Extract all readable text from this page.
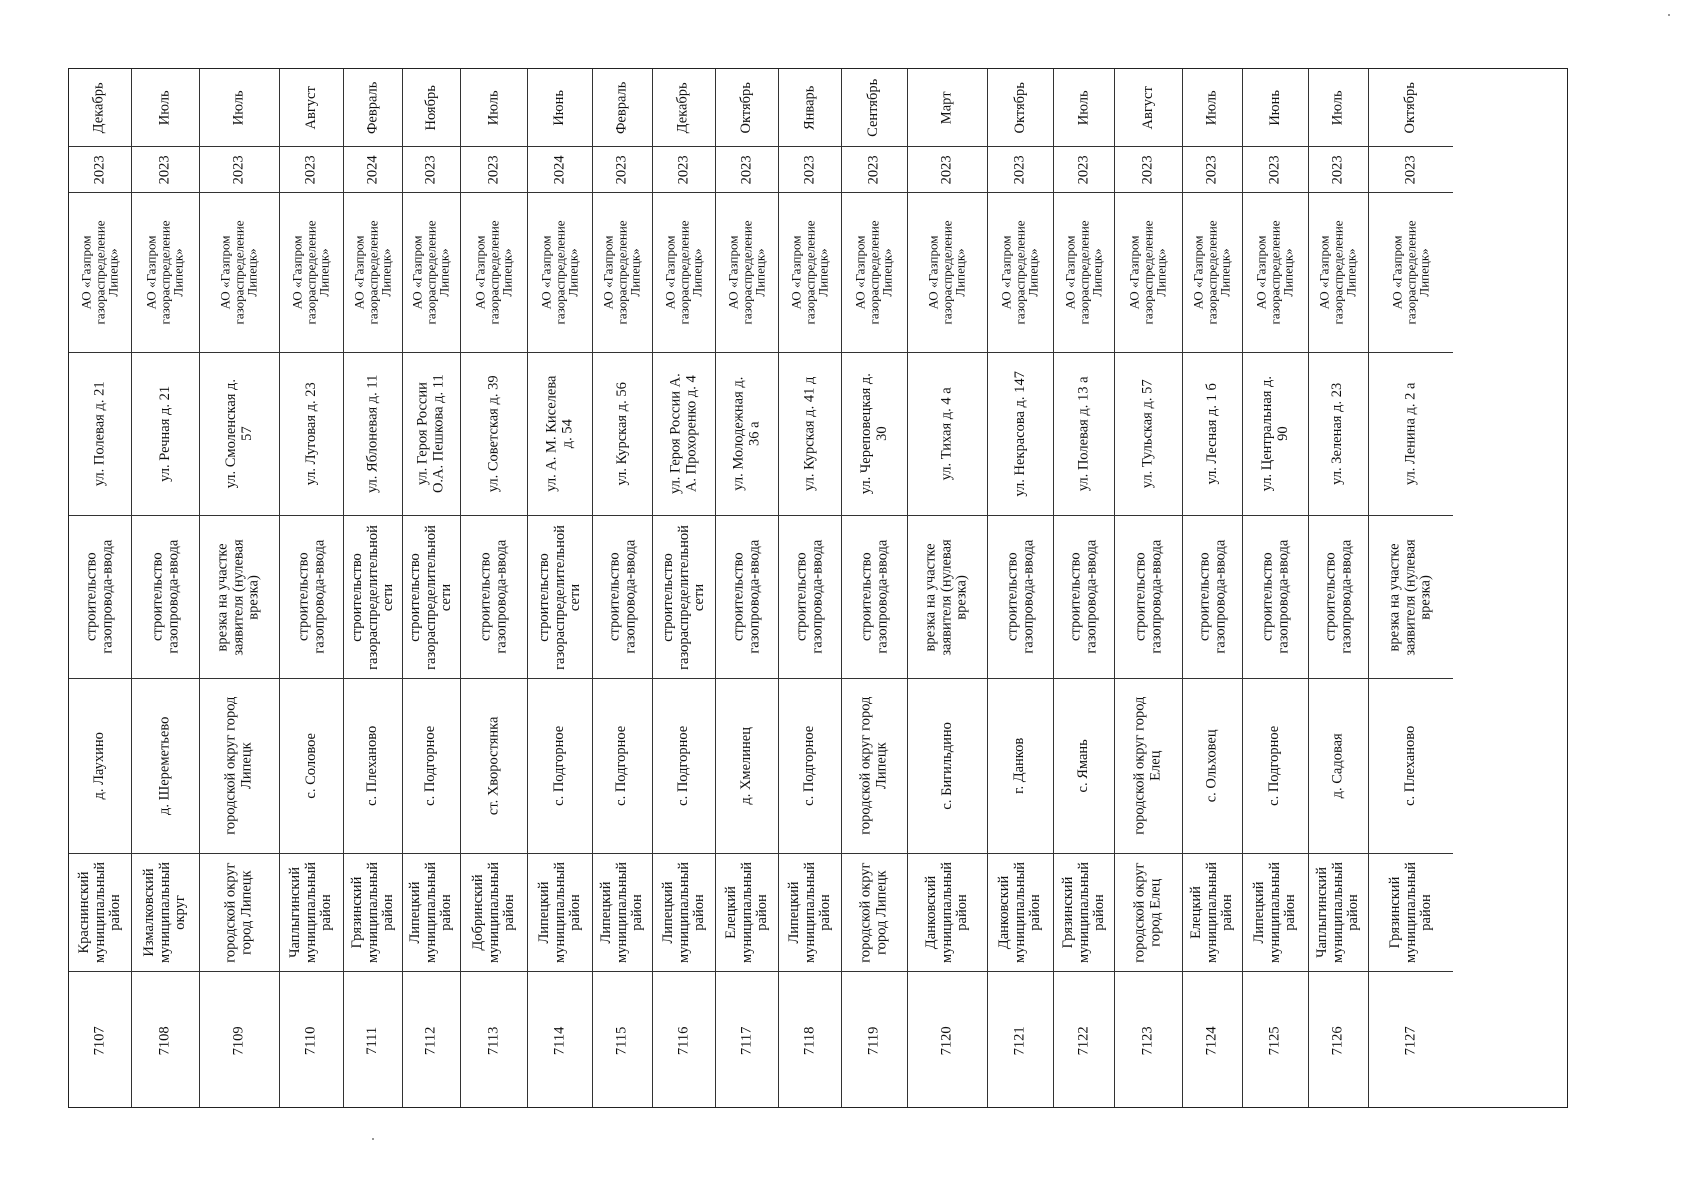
Декабрь
2023
АО «Газпром
газораспределение
Липецк»
ул. Полевая д. 21
строительство
газопровода-ввода
д. Лаухино
Краснинский
муниципальный
район
7107
Июль
2023
АО «Газпром
газораспределение
Липецк»
ул. Речная д. 21
строительство
газопровода-ввода
д. Шереметьево
Измалковский
муниципальный
округ
7108
Июль
2023
АО «Газпром
газораспределение
Липецк»
ул. Смоленская д.
57
врезка на участке
заявителя (нулевая
врезка)
городской округ город
Липецк
городской округ
город Липецк
7109
Август
2023
АО «Газпром
газораспределение
Липецк»
ул. Луговая д. 23
строительство
газопровода-ввода
с. Соловое
Чаплыгинский
муниципальный
район
7110
Февраль
2024
АО «Газпром
газораспределение
Липецк»
ул. Яблоневая д. 11
строительство
газораспределительной
сети
с. Плеханово
Грязинский
муниципальный
район
7111
Ноябрь
2023
АО «Газпром
газораспределение
Липецк»
ул. Героя России
О.А. Пешкова д. 11
строительство
газораспределительной
сети
с. Подгорное
Липецкий
муниципальный
район
7112
Июль
2023
АО «Газпром
газораспределение
Липецк»
ул. Советская д. 39
строительство
газопровода-ввода
ст. Хворостянка
Добринский
муниципальный
район
7113
Июнь
2024
АО «Газпром
газораспределение
Липецк»
ул. А. М. Киселева
д. 54
строительство
газораспределительной
сети
с. Подгорное
Липецкий
муниципальный
район
7114
Февраль
2023
АО «Газпром
газораспределение
Липецк»
ул. Курская д. 56
строительство
газопровода-ввода
с. Подгорное
Липецкий
муниципальный
район
7115
Декабрь
2023
АО «Газпром
газораспределение
Липецк»
ул. Героя России А.
А. Прохоренко д. 4
строительство
газораспределительной
сети
с. Подгорное
Липецкий
муниципальный
район
7116
Октябрь
2023
АО «Газпром
газораспределение
Липецк»
ул. Молодежная д.
36 а
строительство
газопровода-ввода
д. Хмелинец
Елецкий
муниципальный
район
7117
Январь
2023
АО «Газпром
газораспределение
Липецк»
ул. Курская д. 41 д
строительство
газопровода-ввода
с. Подгорное
Липецкий
муниципальный
район
7118
Сентябрь
2023
АО «Газпром
газораспределение
Липецк»
ул. Череповецкая д.
30
строительство
газопровода-ввода
городской округ город
Липецк
городской округ
город Липецк
7119
Март
2023
АО «Газпром
газораспределение
Липецк»
ул. Тихая д. 4 а
врезка на участке
заявителя (нулевая
врезка)
с. Бигильдино
Данковский
муниципальный
район
7120
Октябрь
2023
АО «Газпром
газораспределение
Липецк»
ул. Некрасова д. 147
строительство
газопровода-ввода
г. Данков
Данковский
муниципальный
район
7121
Июль
2023
АО «Газпром
газораспределение
Липецк»
ул. Полевая д. 13 а
строительство
газопровода-ввода
с. Ямань
Грязинский
муниципальный
район
7122
Август
2023
АО «Газпром
газораспределение
Липецк»
ул. Тульская д. 57
строительство
газопровода-ввода
городской округ город
Елец
городской округ
город Елец
7123
Июль
2023
АО «Газпром
газораспределение
Липецк»
ул. Лесная д. 1 б
строительство
газопровода-ввода
с. Ольховец
Елецкий
муниципальный
район
7124
Июнь
2023
АО «Газпром
газораспределение
Липецк»
ул. Центральная д.
90
строительство
газопровода-ввода
с. Подгорное
Липецкий
муниципальный
район
7125
Июль
2023
АО «Газпром
газораспределение
Липецк»
ул. Зеленая д. 23
строительство
газопровода-ввода
д. Садовая
Чаплыгинский
муниципальный
район
7126
Октябрь
2023
АО «Газпром
газораспределение
Липецк»
ул. Ленина д. 2 а
врезка на участке
заявителя (нулевая
врезка)
с. Плеханово
Грязинский
муниципальный
район
7127
